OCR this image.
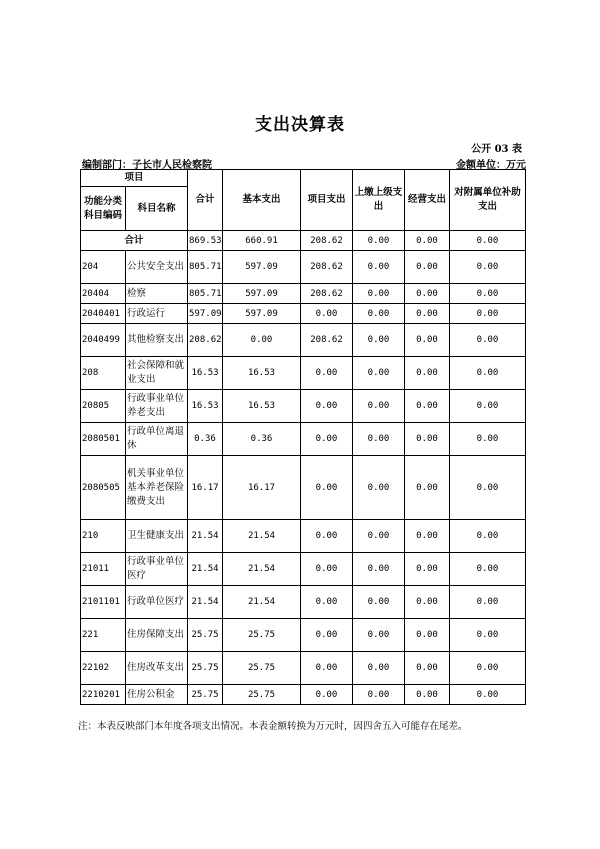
支出决算表
公开 03 表
编制部门：子长市人民检察院	金额单位：万元
项目		合计	基本支出	项目支出	上缴上级支出	经营支出	对附属单位补助支出
功能分类科目编码	科目名称						
合计		869.53	660.91	208.62	0.00	0.00	0.00
204	公共安全支出	805.71	597.09	208.62	0.00	0.00	0.00
20404	检察	805.71	597.09	208.62	0.00	0.00	0.00
2040401	行政运行	597.09	597.09	0.00	0.00	0.00	0.00
2040499	其他检察支出	208.62	0.00	208.62	0.00	0.00	0.00
208	社会保障和就业支出	16.53	16.53	0.00	0.00	0.00	0.00
20805	行政事业单位养老支出	16.53	16.53	0.00	0.00	0.00	0.00
2080501	行政单位离退休	0.36	0.36	0.00	0.00	0.00	0.00
2080505	机关事业单位基本养老保险缴费支出	16.17	16.17	0.00	0.00	0.00	0.00
210	卫生健康支出	21.54	21.54	0.00	0.00	0.00	0.00
21011	行政事业单位医疗	21.54	21.54	0.00	0.00	0.00	0.00
2101101	行政单位医疗	21.54	21.54	0.00	0.00	0.00	0.00
221	住房保障支出	25.75	25.75	0.00	0.00	0.00	0.00
22102	住房改革支出	25.75	25.75	0.00	0.00	0.00	0.00
2210201	住房公积金	25.75	25.75	0.00	0.00	0.00	0.00
注：本表反映部门本年度各项支出情况。本表金额转换为万元时，因四舍五入可能存在尾差。
